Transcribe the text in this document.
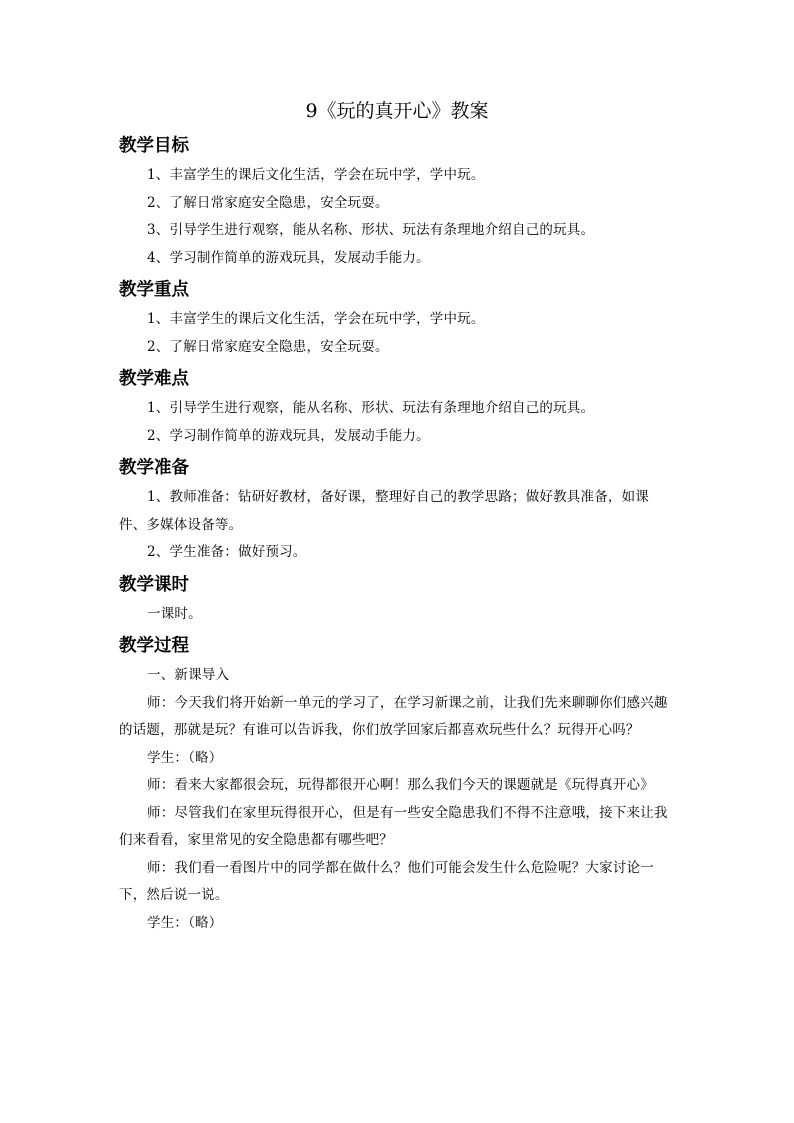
9《玩的真开心》教案
教学目标

1、丰富学生的课后文化生活，学会在玩中学，学中玩。

2、了解日常家庭安全隐患，安全玩耍。

3、引导学生进行观察，能从名称、形状、玩法有条理地介绍自己的玩具。

4、学习制作简单的游戏玩具，发展动手能力。

教学重点

1、丰富学生的课后文化生活，学会在玩中学，学中玩。

2、了解日常家庭安全隐患，安全玩耍。

教学难点

1、引导学生进行观察，能从名称、形状、玩法有条理地介绍自己的玩具。

2、学习制作简单的游戏玩具，发展动手能力。

教学准备

1、教师准备：钻研好教材，备好课，整理好自己的教学思路；做好教具准备，如课件、多媒体设备等。

2、学生准备：做好预习。

教学课时

一课时。

教学过程

一、新课导入

师：今天我们将开始新一单元的学习了，在学习新课之前，让我们先来聊聊你们感兴趣的话题，那就是玩？有谁可以告诉我，你们放学回家后都喜欢玩些什么？玩得开心吗？

学生：（略）

师：看来大家都很会玩，玩得都很开心啊！那么我们今天的课题就是《玩得真开心》

师：尽管我们在家里玩得很开心，但是有一些安全隐患我们不得不注意哦，接下来让我们来看看，家里常见的安全隐患都有哪些吧？

师：我们看一看图片中的同学都在做什么？他们可能会发生什么危险呢？大家讨论一下，然后说一说。

学生：（略）
